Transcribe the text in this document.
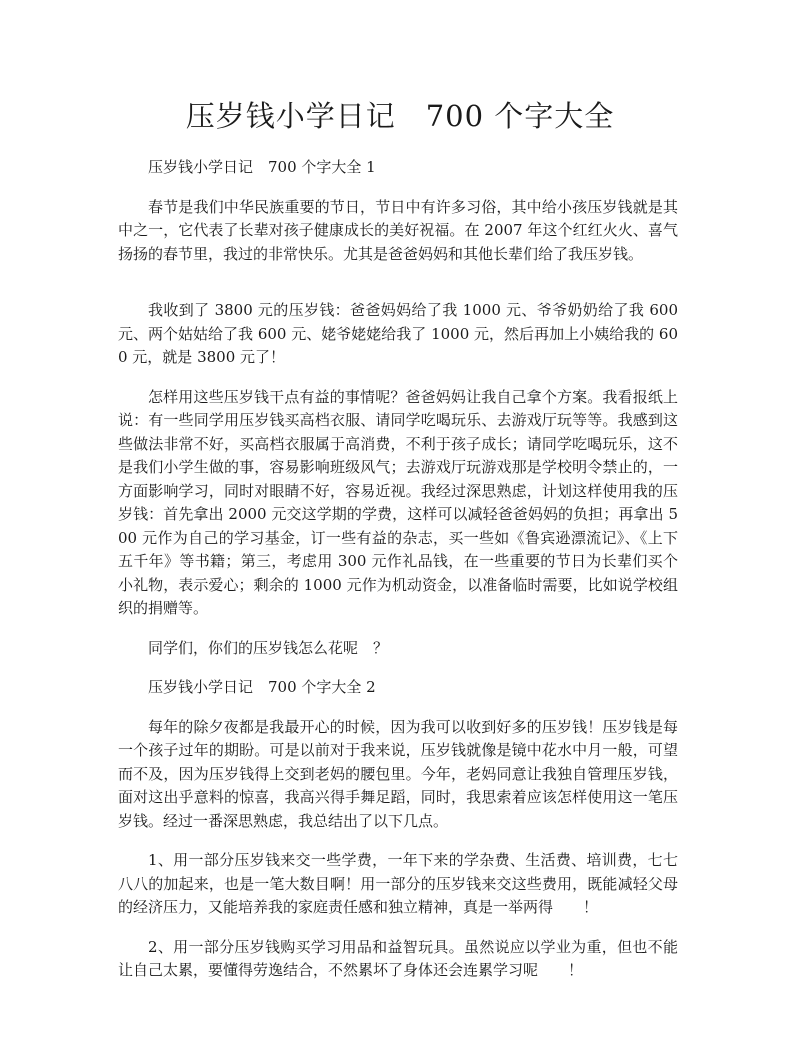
压岁钱小学日记　700 个字大全

压岁钱小学日记　700 个字大全 1

春节是我们中华民族重要的节日，节日中有许多习俗，其中给小孩压岁钱就是其中之一，它代表了长辈对孩子健康成长的美好祝福。在 2007 年这个红红火火、喜气扬扬的春节里，我过的非常快乐。尤其是爸爸妈妈和其他长辈们给了我压岁钱。

我收到了 3800 元的压岁钱：爸爸妈妈给了我 1000 元、爷爷奶奶给了我 600 元、两个姑姑给了我 600 元、姥爷姥姥给我了 1000 元，然后再加上小姨给我的 600 元，就是 3800 元了！

怎样用这些压岁钱干点有益的事情呢？爸爸妈妈让我自己拿个方案。我看报纸上说：有一些同学用压岁钱买高档衣服、请同学吃喝玩乐、去游戏厅玩等等。我感到这些做法非常不好，买高档衣服属于高消费，不利于孩子成长；请同学吃喝玩乐，这不是我们小学生做的事，容易影响班级风气；去游戏厅玩游戏那是学校明令禁止的，一方面影响学习，同时对眼睛不好，容易近视。我经过深思熟虑，计划这样使用我的压岁钱：首先拿出 2000 元交这学期的学费，这样可以减轻爸爸妈妈的负担；再拿出 500 元作为自己的学习基金，订一些有益的杂志，买一些如《鲁宾逊漂流记》、《上下五千年》等书籍；第三，考虑用 300 元作礼品钱，在一些重要的节日为长辈们买个小礼物，表示爱心；剩余的 1000 元作为机动资金，以准备临时需要，比如说学校组织的捐赠等。

同学们，你们的压岁钱怎么花呢　？

压岁钱小学日记　700 个字大全 2

每年的除夕夜都是我最开心的时候，因为我可以收到好多的压岁钱！压岁钱是每一个孩子过年的期盼。可是以前对于我来说，压岁钱就像是镜中花水中月一般，可望而不及，因为压岁钱得上交到老妈的腰包里。今年，老妈同意让我独自管理压岁钱，面对这出乎意料的惊喜，我高兴得手舞足蹈，同时，我思索着应该怎样使用这一笔压岁钱。经过一番深思熟虑，我总结出了以下几点。

1、用一部分压岁钱来交一些学费，一年下来的学杂费、生活费、培训费，七七八八的加起来，也是一笔大数目啊！用一部分的压岁钱来交这些费用，既能减轻父母的经济压力，又能培养我的家庭责任感和独立精神，真是一举两得　　！

2、用一部分压岁钱购买学习用品和益智玩具。虽然说应以学业为重，但也不能让自己太累，要懂得劳逸结合，不然累坏了身体还会连累学习呢　　！
